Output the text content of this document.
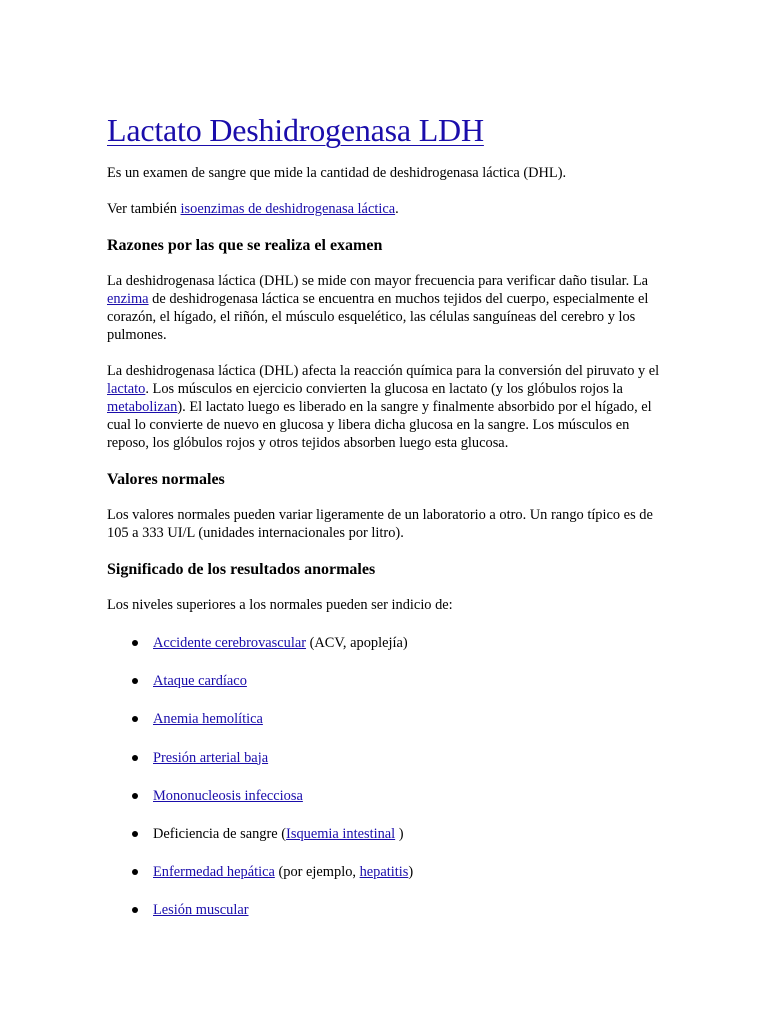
Lactato Deshidrogenasa LDH

Es un examen de sangre que mide la cantidad de deshidrogenasa láctica (DHL).

Ver también isoenzimas de deshidrogenasa láctica.

Razones por las que se realiza el examen

La deshidrogenasa láctica (DHL) se mide con mayor frecuencia para verificar daño tisular. La enzima de deshidrogenasa láctica se encuentra en muchos tejidos del cuerpo, especialmente el corazón, el hígado, el riñón, el músculo esquelético, las células sanguíneas del cerebro y los pulmones.

La deshidrogenasa láctica (DHL) afecta la reacción química para la conversión del piruvato y el lactato. Los músculos en ejercicio convierten la glucosa en lactato (y los glóbulos rojos la metabolizan). El lactato luego es liberado en la sangre y finalmente absorbido por el hígado, el cual lo convierte de nuevo en glucosa y libera dicha glucosa en la sangre. Los músculos en reposo, los glóbulos rojos y otros tejidos absorben luego esta glucosa.

Valores normales

Los valores normales pueden variar ligeramente de un laboratorio a otro. Un rango típico es de 105 a 333 UI/L (unidades internacionales por litro).

Significado de los resultados anormales

Los niveles superiores a los normales pueden ser indicio de:

Accidente cerebrovascular (ACV, apoplejía)
Ataque cardíaco
Anemia hemolítica
Presión arterial baja
Mononucleosis infecciosa
Deficiencia de sangre (Isquemia intestinal )
Enfermedad hepática (por ejemplo, hepatitis)
Lesión muscular
